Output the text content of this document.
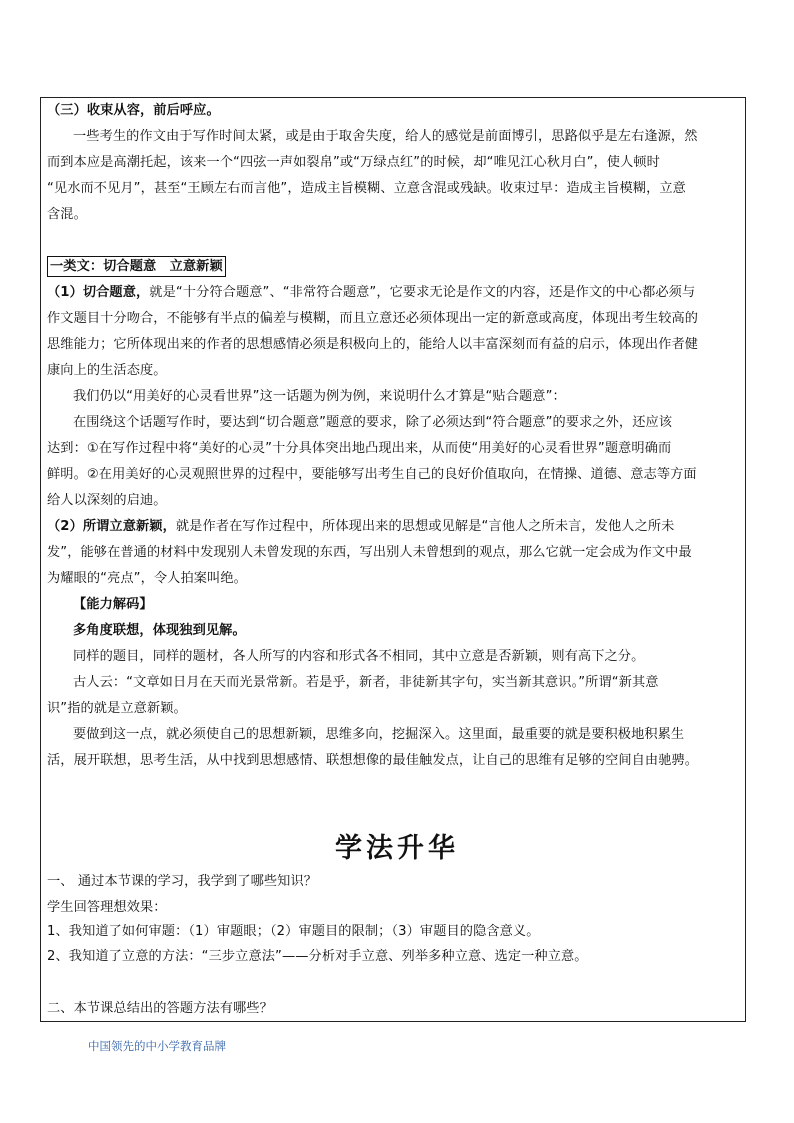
（三）收束从容，前后呼应。
一些考生的作文由于写作时间太紧，或是由于取舍失度，给人的感觉是前面博引，思路似乎是左右逢源，然
而到本应是高潮托起，该来一个“四弦一声如裂帛”或“万绿点红”的时候，却“唯见江心秋月白”，使人顿时
“见水而不见月”，甚至“王顾左右而言他”，造成主旨模糊、立意含混或残缺。收束过早：造成主旨模糊，立意
含混。
一类文：切合题意　立意新颖
（1）切合题意，就是“十分符合题意”、“非常符合题意”，它要求无论是作文的内容，还是作文的中心都必须与
作文题目十分吻合，不能够有半点的偏差与模糊，而且立意还必须体现出一定的新意或高度，体现出考生较高的
思维能力；它所体现出来的作者的思想感情必须是积极向上的，能给人以丰富深刻而有益的启示，体现出作者健
康向上的生活态度。
我们仍以“用美好的心灵看世界”这一话题为例为例，来说明什么才算是“贴合题意”：
在围绕这个话题写作时，要达到“切合题意”题意的要求，除了必须达到“符合题意”的要求之外，还应该
达到：①在写作过程中将“美好的心灵”十分具体突出地凸现出来，从而使“用美好的心灵看世界”题意明确而
鲜明。②在用美好的心灵观照世界的过程中，要能够写出考生自己的良好价值取向，在情操、道德、意志等方面
给人以深刻的启迪。
（2）所谓立意新颖，就是作者在写作过程中，所体现出来的思想或见解是“言他人之所未言，发他人之所未
发”，能够在普通的材料中发现别人未曾发现的东西，写出别人未曾想到的观点，那么它就一定会成为作文中最
为耀眼的“亮点”，令人拍案叫绝。
【能力解码】
多角度联想，体现独到见解。
同样的题目，同样的题材，各人所写的内容和形式各不相同，其中立意是否新颖，则有高下之分。
古人云：“文章如日月在天而光景常新。若是乎，新者，非徒新其字句，实当新其意识。”所谓“新其意
识”指的就是立意新颖。
要做到这一点，就必须使自己的思想新颖，思维多向，挖掘深入。这里面，最重要的就是要积极地积累生
活，展开联想，思考生活，从中找到思想感情、联想想像的最佳触发点，让自己的思维有足够的空间自由驰骋。
学法升华
一、 通过本节课的学习，我学到了哪些知识？
学生回答理想效果：
1、我知道了如何审题：（1）审题眼；（2）审题目的限制；（3）审题目的隐含意义。
2、我知道了立意的方法：“三步立意法”——分析对手立意、列举多种立意、选定一种立意。
二、本节课总结出的答题方法有哪些？
中国领先的中小学教育品牌
